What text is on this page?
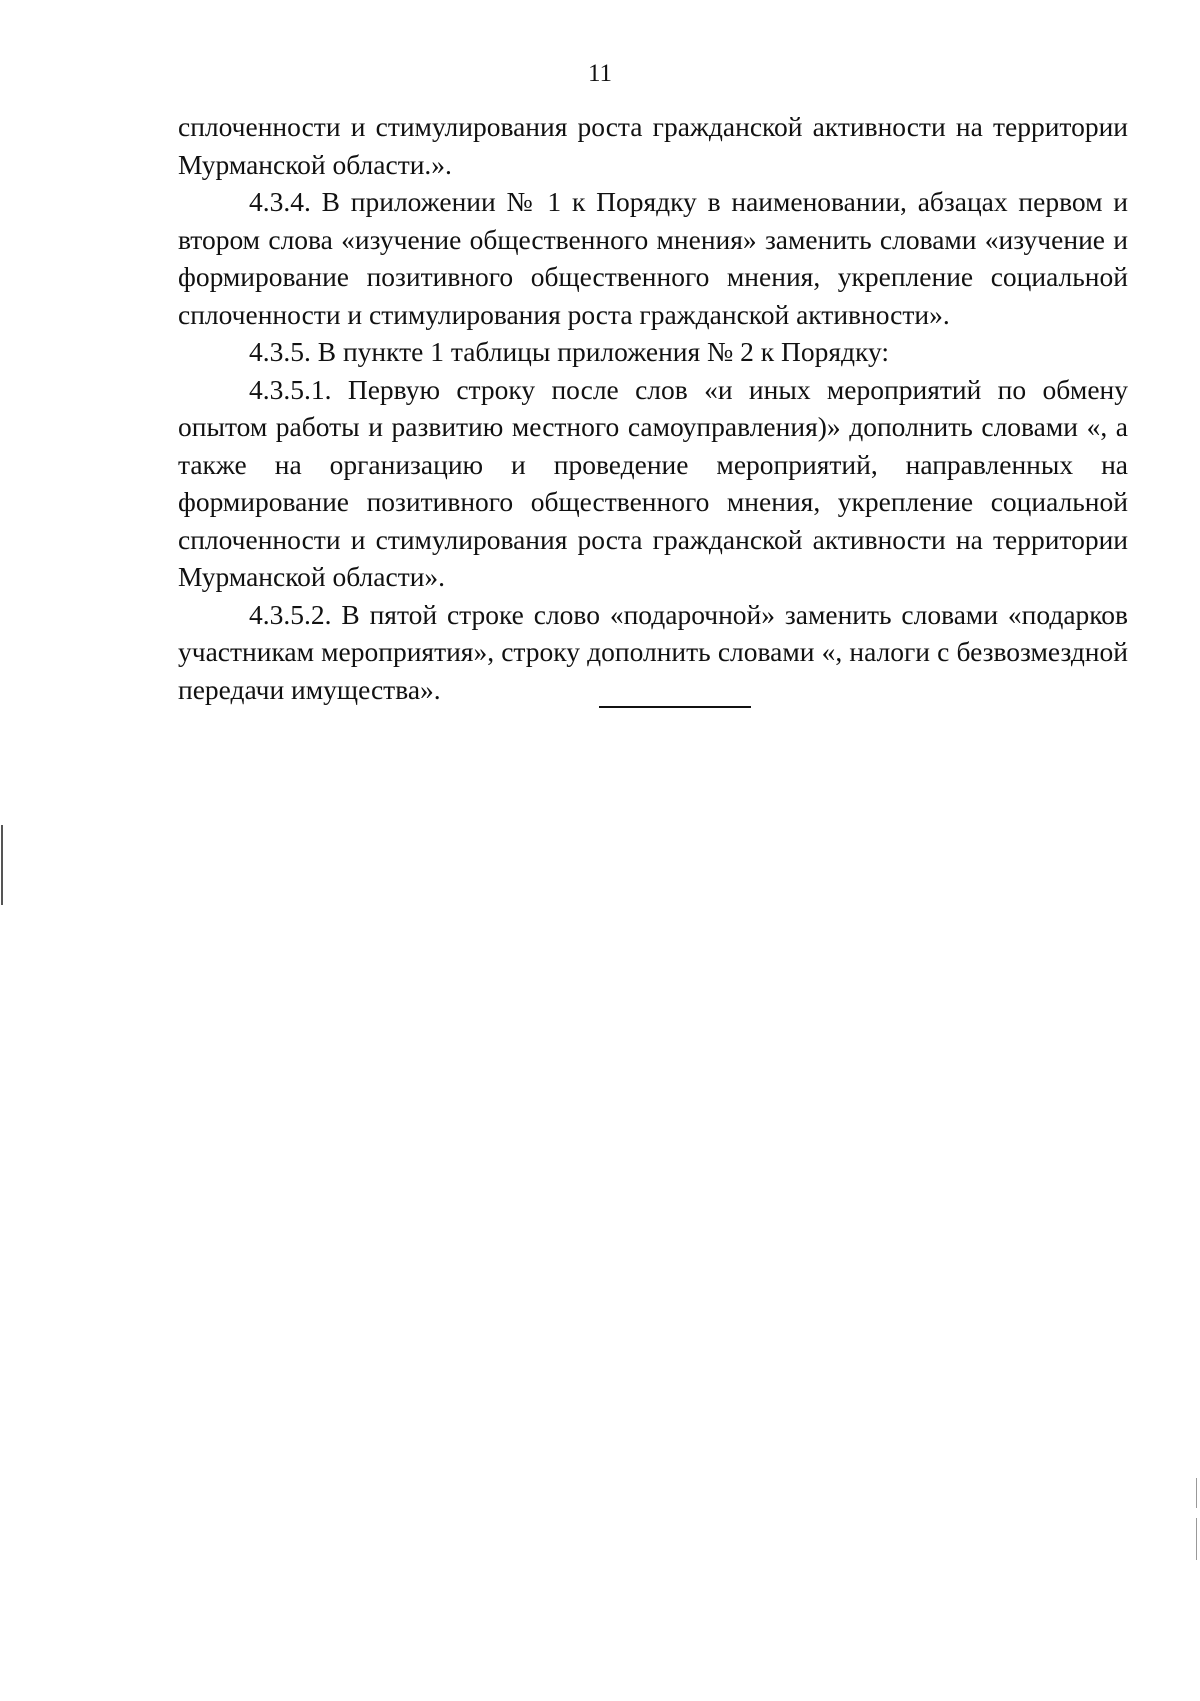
11

сплоченности и стимулирования роста гражданской активности на территории Мурманской области.».

4.3.4. В приложении № 1 к Порядку в наименовании, абзацах первом и втором слова «изучение общественного мнения» заменить словами «изучение и формирование позитивного общественного мнения, укрепление социальной сплоченности и стимулирования роста гражданской активности».

4.3.5. В пункте 1 таблицы приложения № 2 к Порядку:

4.3.5.1. Первую строку после слов «и иных мероприятий по обмену опытом работы и развитию местного самоуправления)» дополнить словами «, а также на организацию и проведение мероприятий, направленных на формирование позитивного общественного мнения, укрепление социальной сплоченности и стимулирования роста гражданской активности на территории Мурманской области».

4.3.5.2. В пятой строке слово «подарочной» заменить словами «подарков участникам мероприятия», строку дополнить словами «, налоги с безвозмездной передачи имущества».
